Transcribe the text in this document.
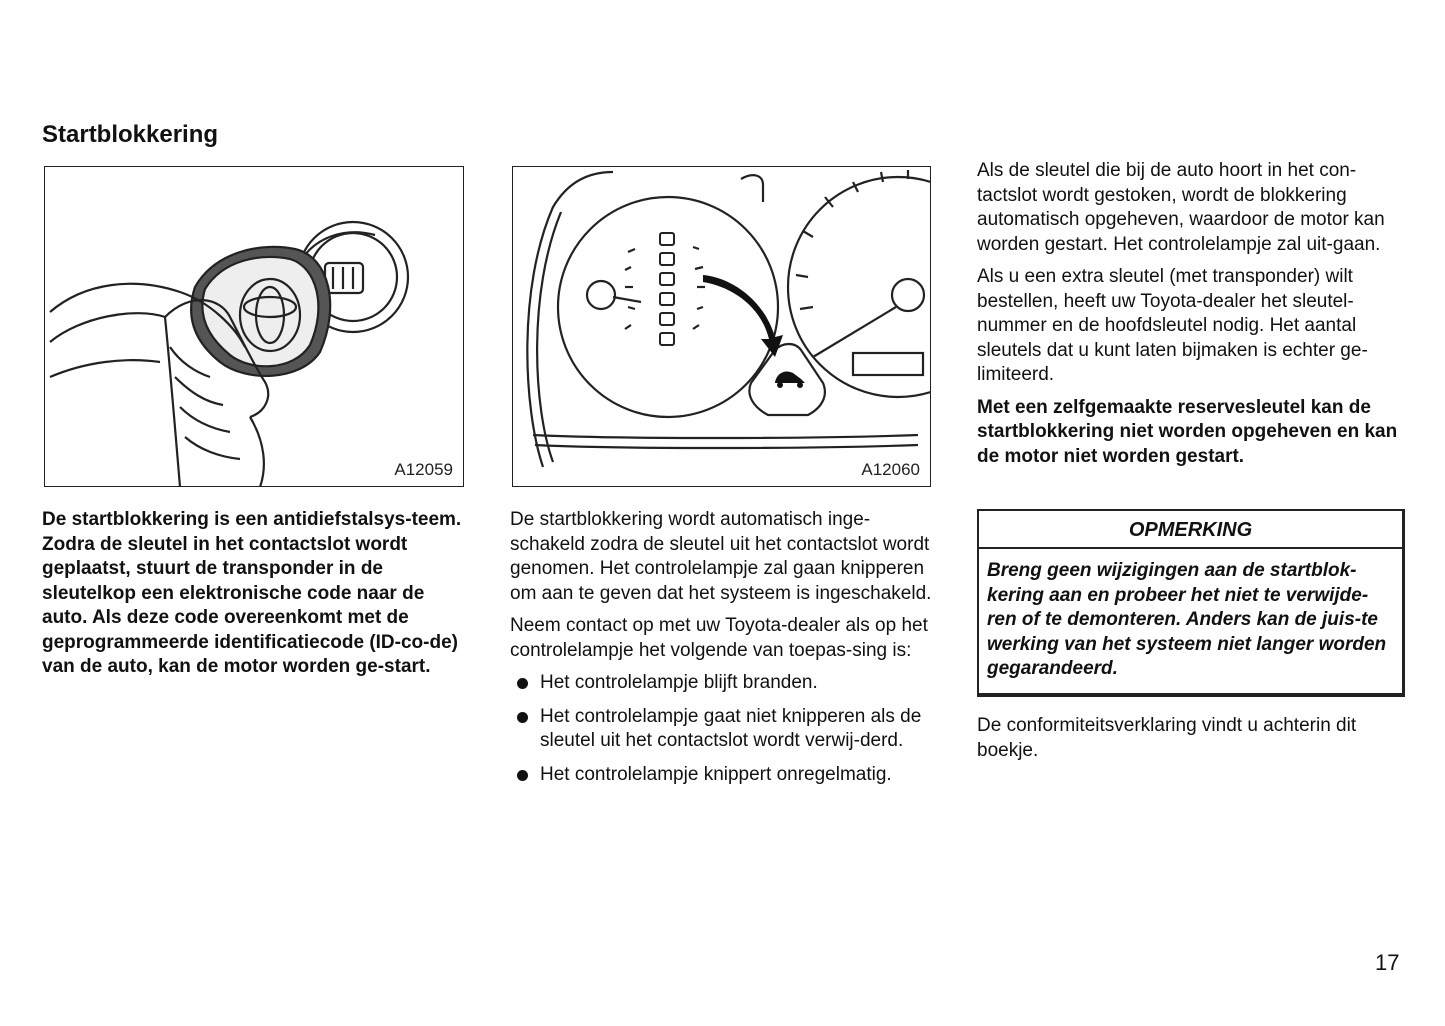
Startblokkering
A12059	A12060

De startblokkering is een antidiefstalsys-teem. Zodra de sleutel in het contactslot wordt geplaatst, stuurt de transponder in de sleutelkop een elektronische code naar de auto. Als deze code overeenkomt met de geprogrammeerde identificatiecode (ID-co-de) van de auto, kan de motor worden ge-start.

De startblokkering wordt automatisch inge-schakeld zodra de sleutel uit het contactslot wordt genomen. Het controlelampje zal gaan knipperen om aan te geven dat het systeem is ingeschakeld.

Neem contact op met uw Toyota-dealer als op het controlelampje het volgende van toepas-sing is:

Het controlelampje blijft branden.
Het controlelampje gaat niet knipperen als de sleutel uit het contactslot wordt verwij-derd.
Het controlelampje knippert onregelmatig.

Als de sleutel die bij de auto hoort in het con-tactslot wordt gestoken, wordt de blokkering automatisch opgeheven, waardoor de motor kan worden gestart. Het controlelampje zal uit-gaan.

Als u een extra sleutel (met transponder) wilt bestellen, heeft uw Toyota-dealer het sleutel-nummer en de hoofdsleutel nodig. Het aantal sleutels dat u kunt laten bijmaken is echter ge-limiteerd.

Met een zelfgemaakte reservesleutel kan de startblokkering niet worden opgeheven en kan de motor niet worden gestart.

OPMERKING
Breng geen wijzigingen aan de startblok-kering aan en probeer het niet te verwijde-ren of te demonteren. Anders kan de juis-te werking van het systeem niet langer worden gegarandeerd.

De conformiteitsverklaring vindt u achterin dit boekje.

17
